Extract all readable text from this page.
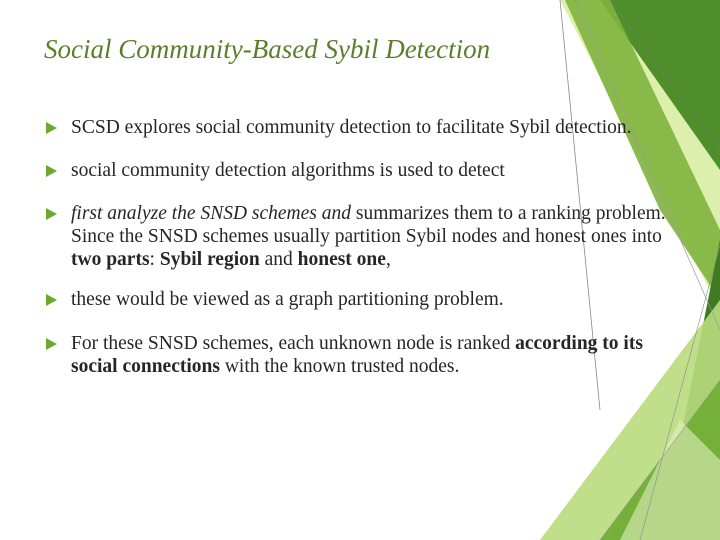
Social Community-Based Sybil Detection
SCSD explores social community detection to facilitate Sybil detection.
social community detection algorithms is used to detect
first analyze the SNSD schemes and summarizes them to a ranking problem. Since the SNSD schemes usually partition Sybil nodes and honest ones into two parts: Sybil region and honest one,
these would be viewed as a graph partitioning problem.
For these SNSD schemes, each unknown node is ranked according to its social connections with the known trusted nodes.
